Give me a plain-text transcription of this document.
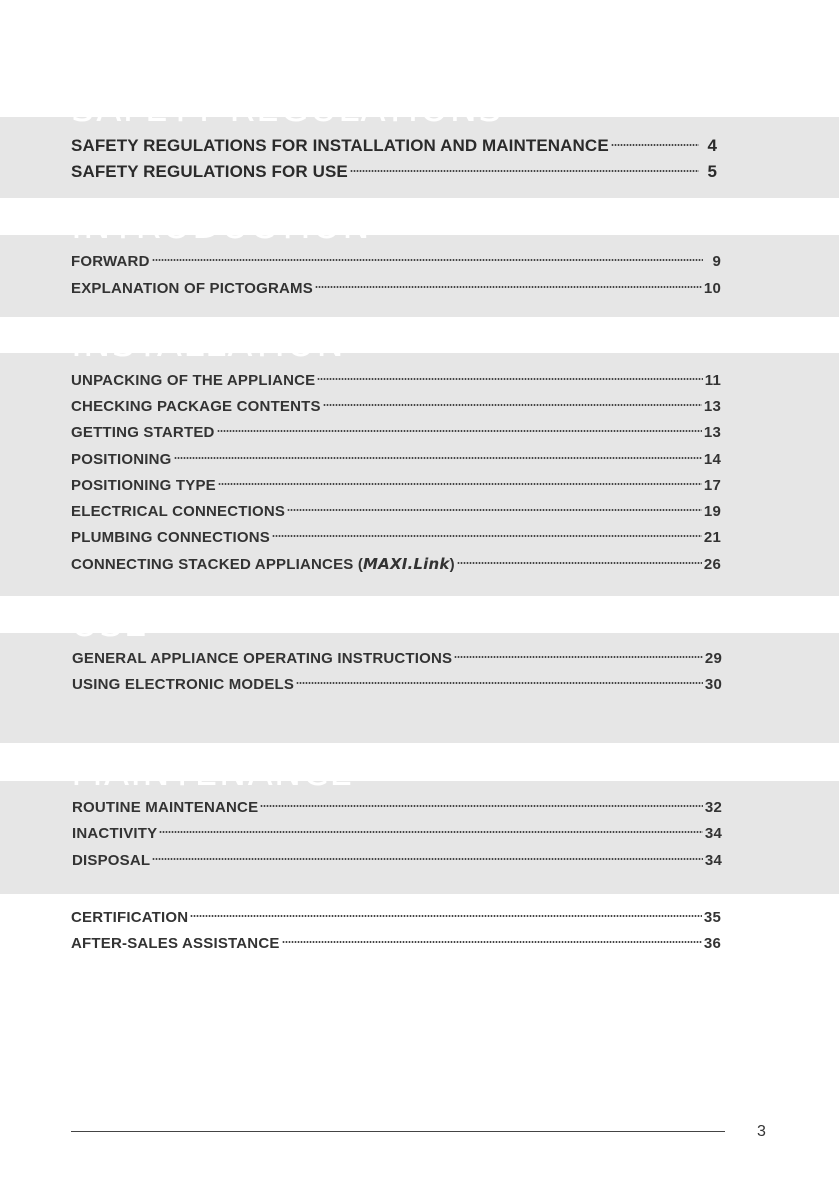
SAFETY REGULATIONS
SAFETY REGULATIONS FOR INSTALLATION AND MAINTENANCE	4
SAFETY REGULATIONS FOR USE	5
INTRODUCTION
FORWARD	9
EXPLANATION OF PICTOGRAMS	10
INSTALLATION
UNPACKING OF THE APPLIANCE	11
CHECKING PACKAGE CONTENTS	13
GETTING STARTED	13
POSITIONING	14
POSITIONING TYPE	17
ELECTRICAL CONNECTIONS	19
PLUMBING CONNECTIONS	21
CONNECTING STACKED APPLIANCES (MAXI.Link)	26
USE
GENERAL APPLIANCE OPERATING INSTRUCTIONS	29
USING ELECTRONIC MODELS	30
MAINTENANCE
ROUTINE MAINTENANCE	32
INACTIVITY	34
DISPOSAL	34
CERTIFICATION	35
AFTER-SALES ASSISTANCE	36
3
